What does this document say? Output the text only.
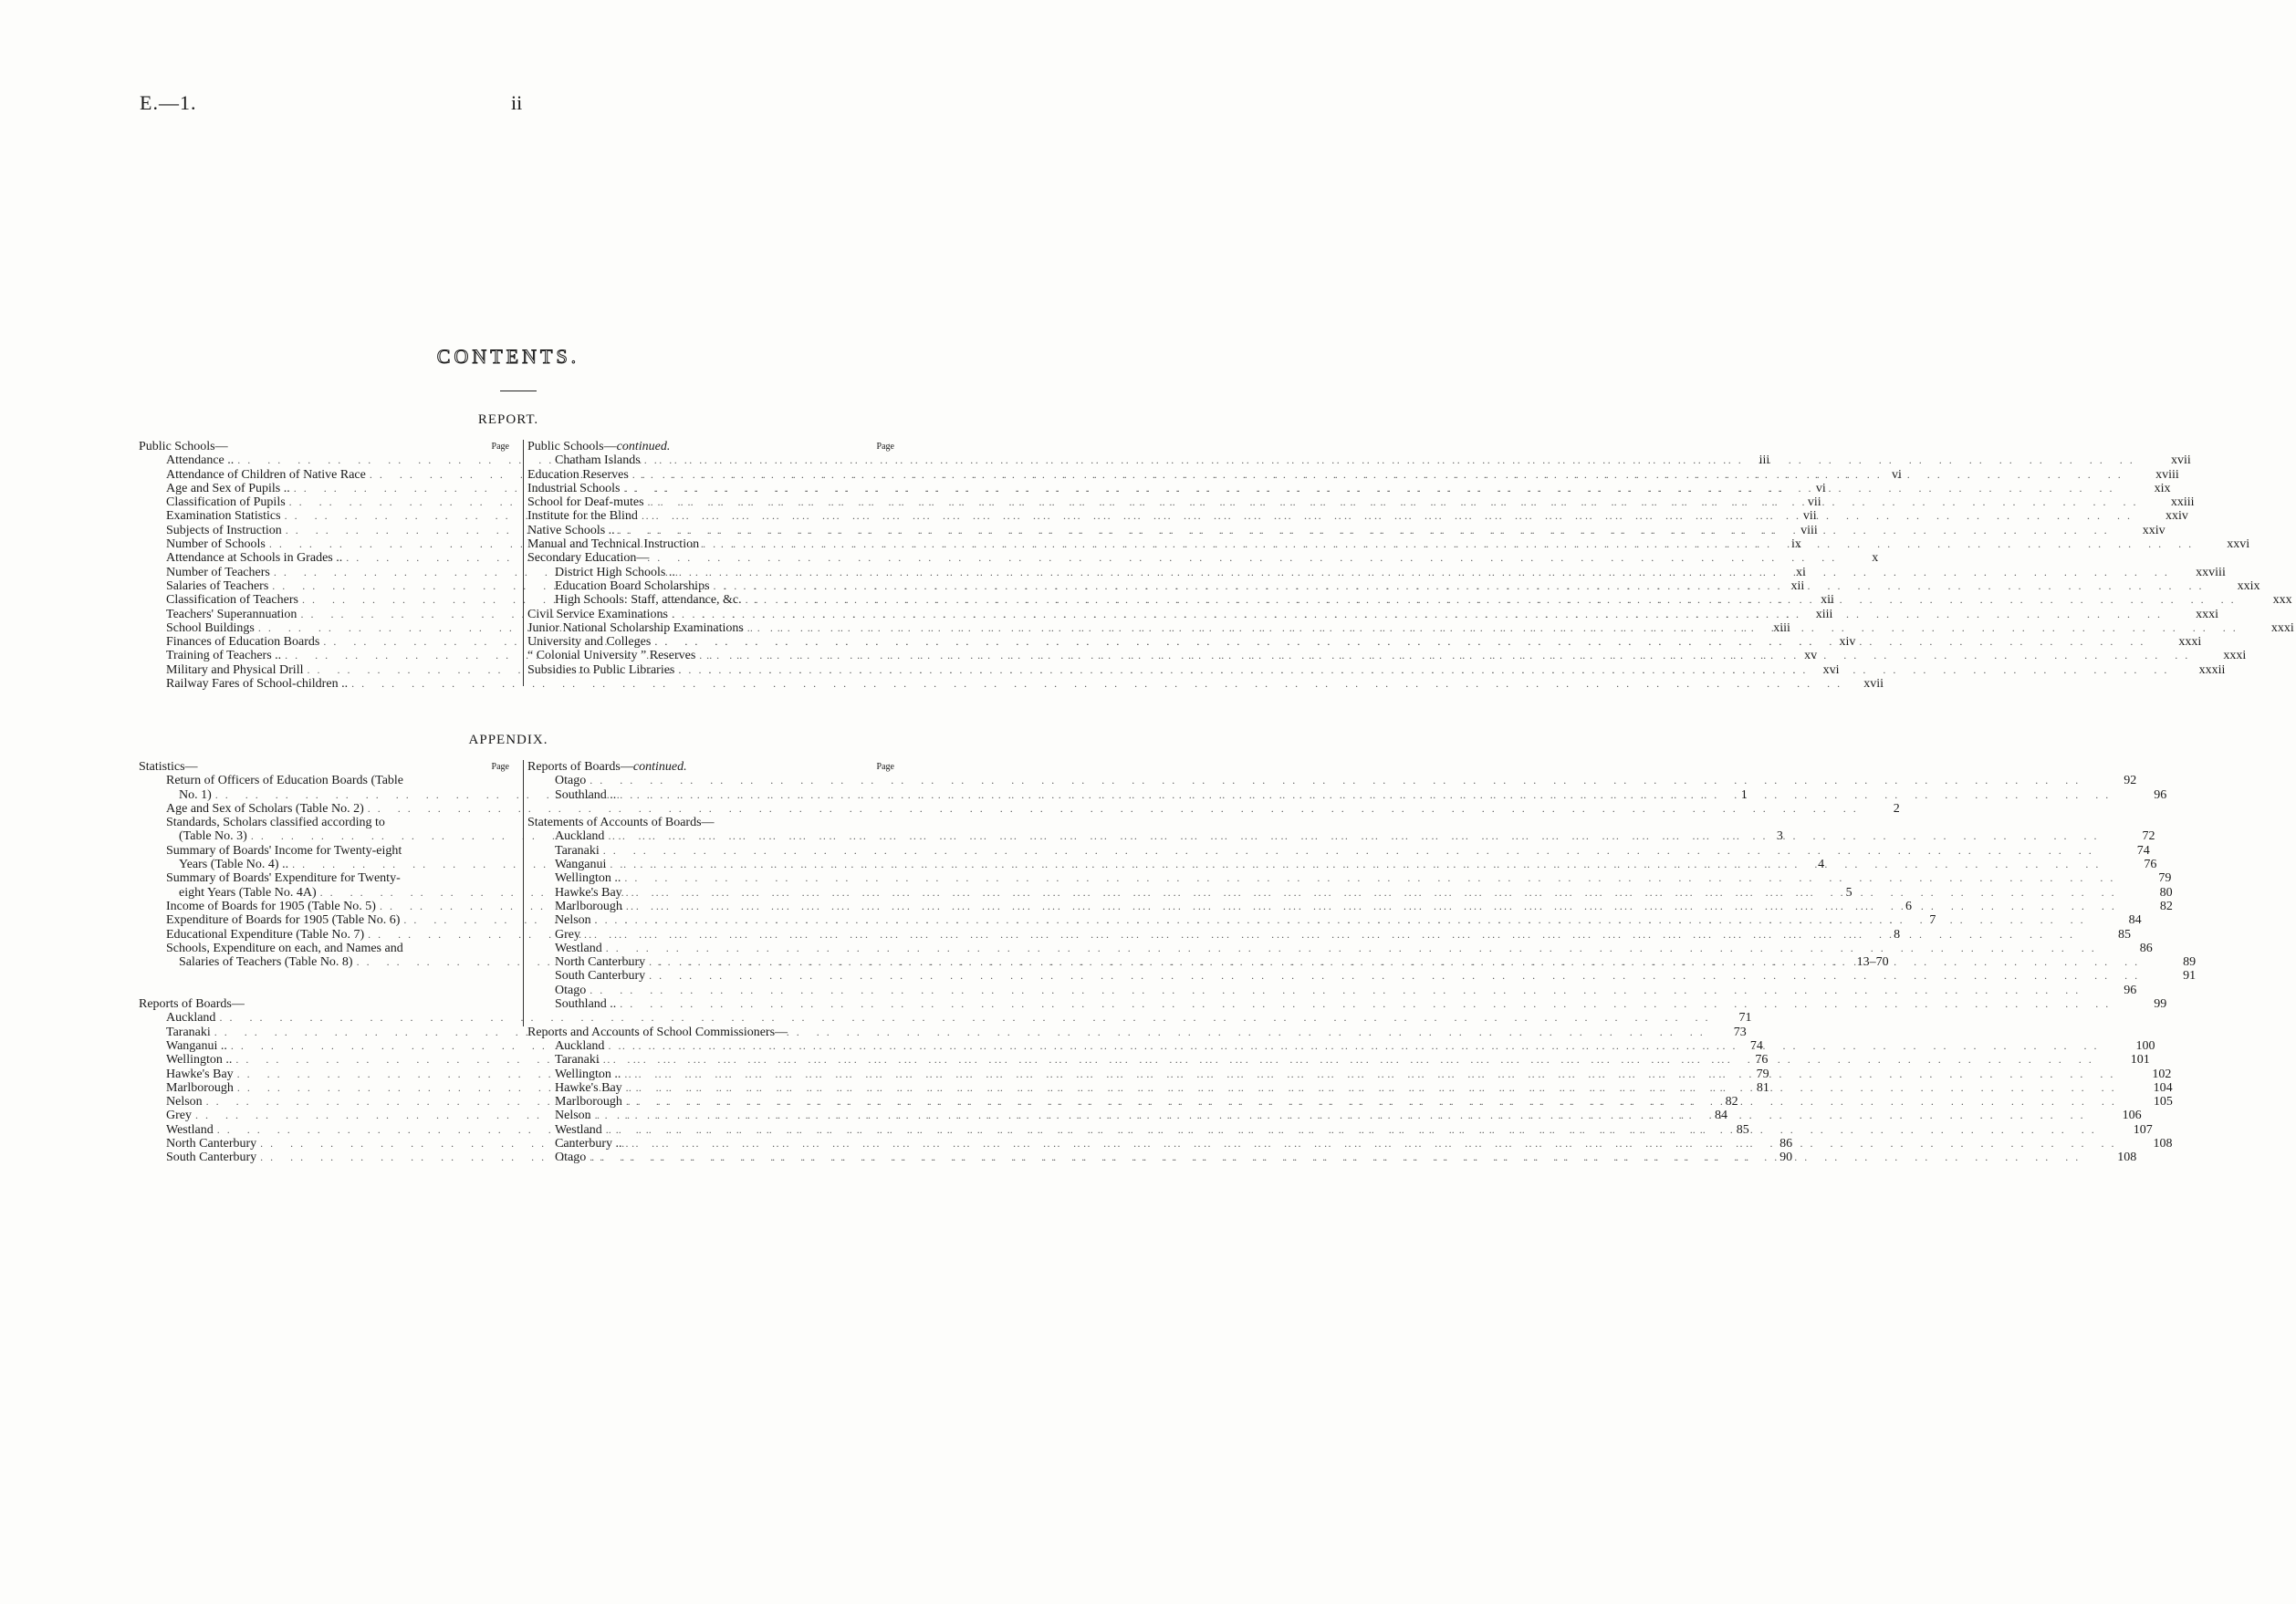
E.—1.	ii
CONTENTS.
REPORT.
Public Schools—	Page
Attendance .. .. ..	iii
Attendance of Children of Native Race .. ..	vi
Age and Sex of Pupils .. .. ..	vi
Classification of Pupils .. ..	vii
Examination Statistics .. ..	vii
Subjects of Instruction .. ..	viii
Number of Schools .. ..	ix
Attendance at Schools in Grades .. .. ..	x
Number of Teachers .. ..	xi
Salaries of Teachers .. ..	xii
Classification of Teachers .. ..	xii
Teachers' Superannuation .. ..	xiii
School Buildings .. ..	xiii
Finances of Education Boards .. ..	xiv
Training of Teachers .. .. ..	xv
Military and Physical Drill .. ..	xvi
Railway Fares of School-children .. .. ..	xvii
Public Schools—continued.	Page
Chatham Islands .. ..	xvii
Education Reserves .. ..	xviii
Industrial Schools .. ..	xix
School for Deaf-mutes .. ..	xxiii
Institute for the Blind .. ..	xxiv
Native Schools .. .. ..	xxiv
Manual and Technical Instruction .. ..	xxvi
Secondary Education—
District High Schools .. .. ..	xxviii
Education Board Scholarships .. ..	xxix
High Schools: Staff, attendance, &c. .. ..	xxx
Civil Service Examinations .. ..	xxxi
Junior National Scholarship Examinations .. ..	xxxi
University and Colleges .. ..	xxxi
“ Colonial University ” Reserves .. ..	xxxi
Subsidies to Public Libraries .. ..	xxxii
APPENDIX.
Statistics—	Page
Return of Officers of Education Boards (Table
No. 1) .. ..	1
Age and Sex of Scholars (Table No. 2) .. ..	2
Standards, Scholars classified according to
(Table No. 3) .. ..	3
Summary of Boards' Income for Twenty-eight
Years (Table No. 4) .. .. ..	4
Summary of Boards' Expenditure for Twenty-
eight Years (Table No. 4A) .. ..	5
Income of Boards for 1905 (Table No. 5) .. ..	6
Expenditure of Boards for 1905 (Table No. 6) .. ..	7
Educational Expenditure (Table No. 7) .. ..	8
Schools, Expenditure on each, and Names and
Salaries of Teachers (Table No. 8) .. ..	13–70
Reports of Boards—
Auckland .. ..	71
Taranaki .. ..	73
Wanganui .. .. ..	74
Wellington .. .. ..	76
Hawke's Bay .. ..	79
Marlborough .. ..	81
Nelson .. ..	82
Grey .. ..	84
Westland .. ..	85
North Canterbury .. ..	86
South Canterbury .. ..	90
Reports of Boards—continued.	Page
Otago .. ..	92
Southland .. .. ..	96
Statements of Accounts of Boards—
Auckland .. ..	72
Taranaki .. ..	74
Wanganui .. ..	76
Wellington .. .. ..	79
Hawke's Bay .. ..	80
Marlborough .. ..	82
Nelson .. ..	84
Grey .. ..	85
Westland .. ..	86
North Canterbury .. ..	89
South Canterbury .. ..	91
Otago .. ..	96
Southland .. .. ..	99
Reports and Accounts of School Commissioners—
Auckland .. ..	100
Taranaki .. ..	101
Wellington .. .. ..	102
Hawke's Bay .. ..	104
Marlborough .. ..	105
Nelson .. ..	106
Westland .. ..	107
Canterbury .. .. ..	108
Otago .. ..	108
